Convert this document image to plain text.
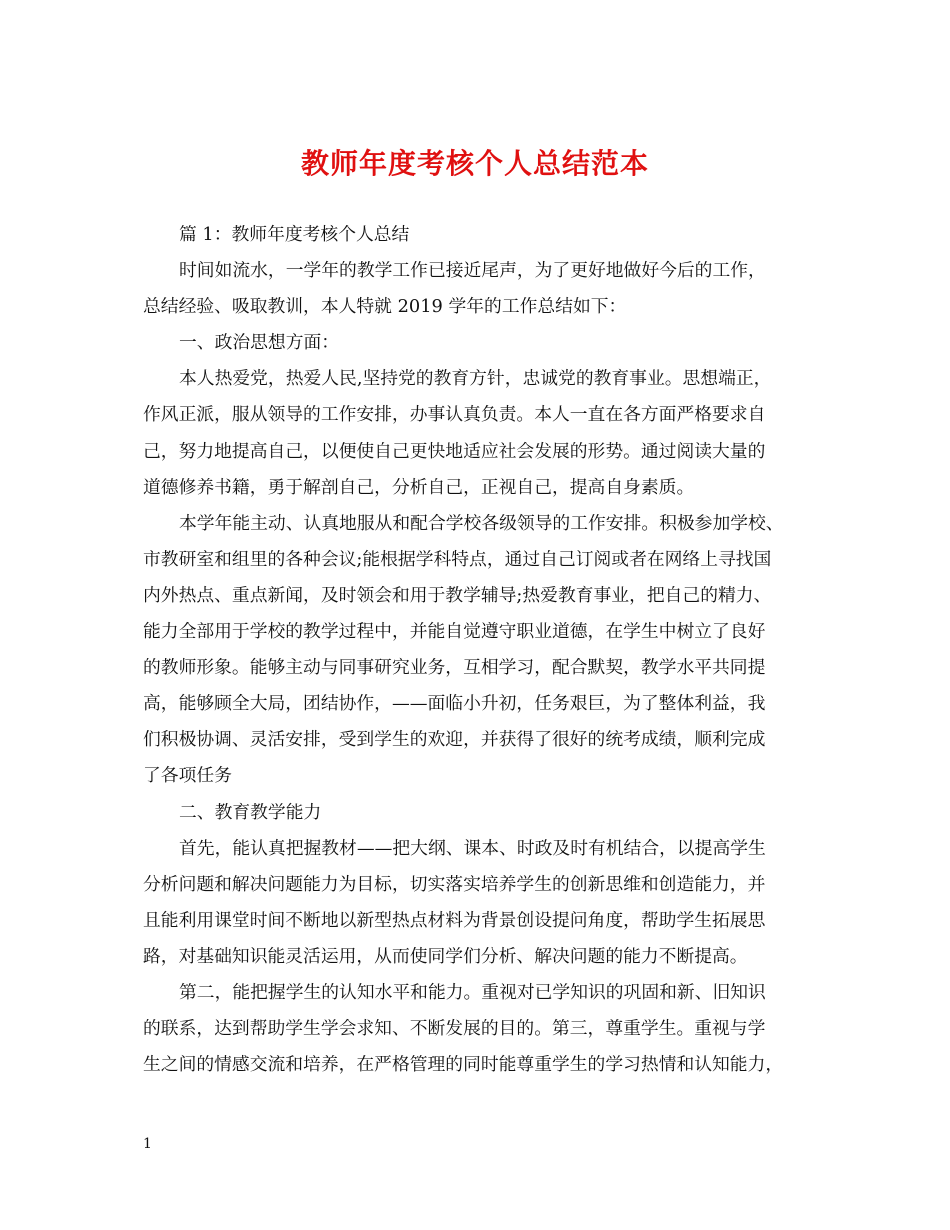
教师年度考核个人总结范本
篇 1：教师年度考核个人总结
时间如流水，一学年的教学工作已接近尾声，为了更好地做好今后的工作，
总结经验、吸取教训，本人特就 2019 学年的工作总结如下：
一、政治思想方面：
本人热爱党，热爱人民,坚持党的教育方针，忠诚党的教育事业。思想端正，
作风正派，服从领导的工作安排，办事认真负责。本人一直在各方面严格要求自
己，努力地提高自己，以便使自己更快地适应社会发展的形势。通过阅读大量的
道德修养书籍，勇于解剖自己，分析自己，正视自己，提高自身素质。
本学年能主动、认真地服从和配合学校各级领导的工作安排。积极参加学校、
市教研室和组里的各种会议;能根据学科特点，通过自己订阅或者在网络上寻找国
内外热点、重点新闻，及时领会和用于教学辅导;热爱教育事业，把自己的精力、
能力全部用于学校的教学过程中，并能自觉遵守职业道德，在学生中树立了良好
的教师形象。能够主动与同事研究业务，互相学习，配合默契，教学水平共同提
高，能够顾全大局，团结协作，——面临小升初，任务艰巨，为了整体利益，我
们积极协调、灵活安排，受到学生的欢迎，并获得了很好的统考成绩，顺利完成
了各项任务
二、教育教学能力
首先，能认真把握教材——把大纲、课本、时政及时有机结合，以提高学生
分析问题和解决问题能力为目标，切实落实培养学生的创新思维和创造能力，并
且能利用课堂时间不断地以新型热点材料为背景创设提问角度，帮助学生拓展思
路，对基础知识能灵活运用，从而使同学们分析、解决问题的能力不断提高。
第二，能把握学生的认知水平和能力。重视对已学知识的巩固和新、旧知识
的联系，达到帮助学生学会求知、不断发展的目的。第三，尊重学生。重视与学
生之间的情感交流和培养，在严格管理的同时能尊重学生的学习热情和认知能力，
1
